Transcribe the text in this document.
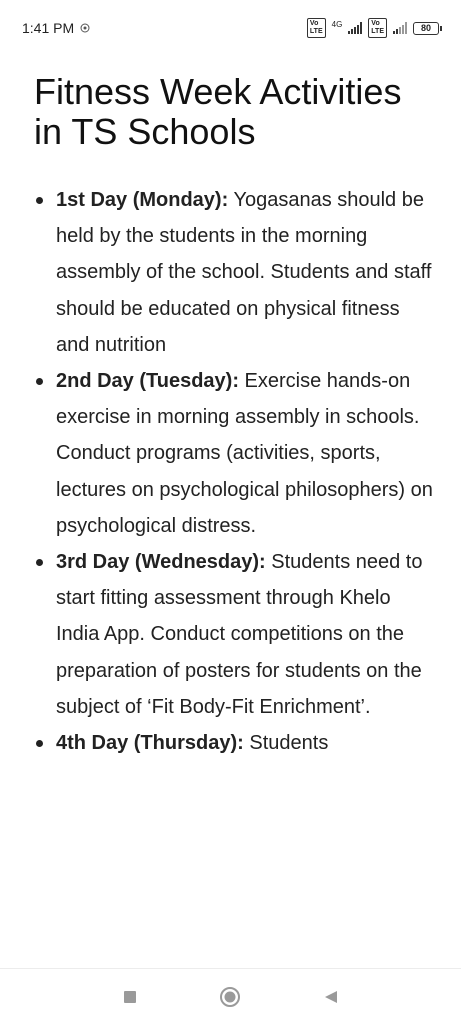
1:41 PM	Vo
LTE
4G	Vo
LTE	80
Fitness Week Activities in TS Schools
1st Day (Monday): Yogasanas should be held by the students in the morning assembly of the school. Students and staff should be educated on physical fitness and nutrition
2nd Day (Tuesday): Exercise hands-on exercise in morning assembly in schools. Conduct programs (activities, sports, lectures on psychological philosophers) on psychological distress.
3rd Day (Wednesday): Students need to start fitting assessment through Khelo India App. Conduct competitions on the preparation of posters for students on the subject of ‘Fit Body-Fit Enrichment’.
4th Day (Thursday): Students
